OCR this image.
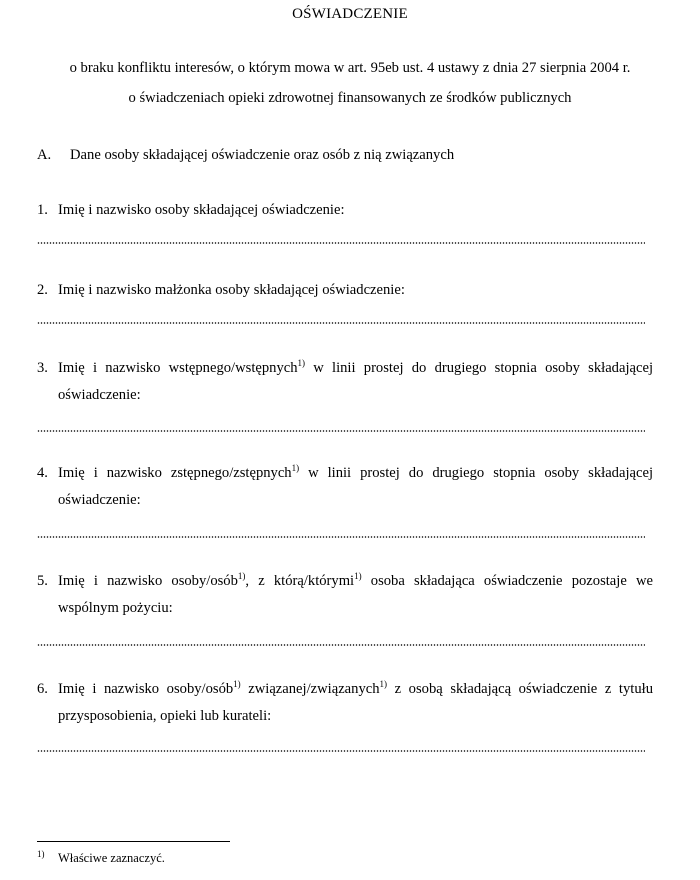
OŚWIADCZENIE
o braku konfliktu interesów, o którym mowa w art. 95eb ust. 4 ustawy z dnia 27 sierpnia 2004 r.
o świadczeniach opieki zdrowotnej finansowanych ze środków publicznych
A. Dane osoby składającej oświadczenie oraz osób z nią związanych
1. Imię i nazwisko osoby składającej oświadczenie:
2. Imię i nazwisko małżonka osoby składającej oświadczenie:
3. Imię i nazwisko wstępnego/wstępnych$^{1)}$ w linii prostej do drugiego stopnia osoby składającej oświadczenie:
4. Imię i nazwisko zstępnego/zstępnych$^{1)}$ w linii prostej do drugiego stopnia osoby składającej oświadczenie:
5. Imię i nazwisko osoby/osób$^{1)}$, z którą/którymi$^{1)}$ osoba składająca oświadczenie pozostaje we wspólnym pożyciu:
6. Imię i nazwisko osoby/osób$^{1)}$ związanej/związanych$^{1)}$ z osobą składającą oświadczenie z tytułu przysposobienia, opieki lub kurateli:
1) Właściwe zaznaczyć.
